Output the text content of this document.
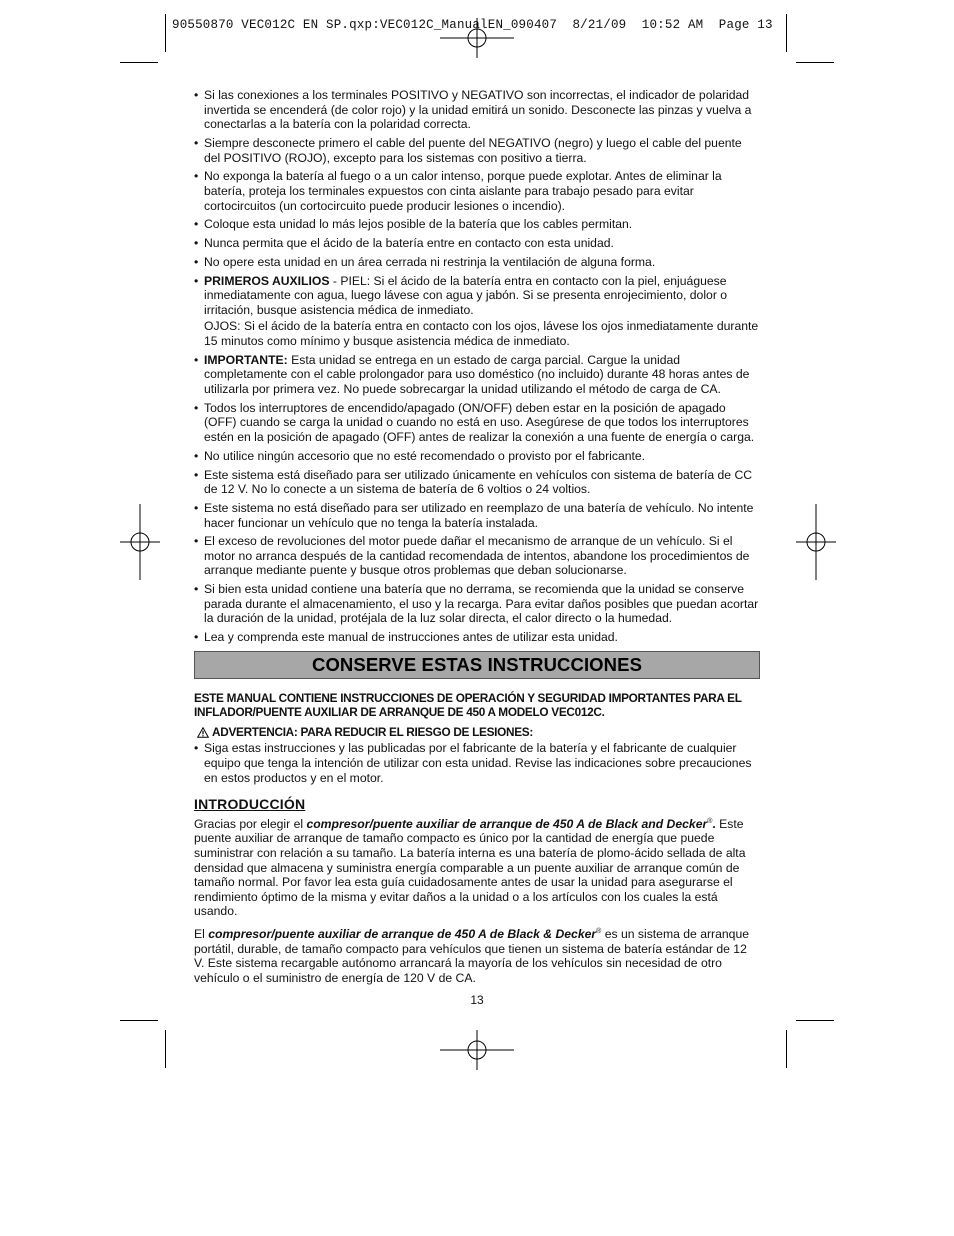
90550870 VEC012C EN SP.qxp:VEC012C_ManualEN_090407  8/21/09  10:52 AM  Page 13
• Si las conexiones a los terminales POSITIVO y NEGATIVO son incorrectas, el indicador de polaridad invertida se encenderá (de color rojo) y la unidad emitirá un sonido. Desconecte las pinzas y vuelva a conectarlas a la batería con la polaridad correcta.
• Siempre desconecte primero el cable del puente del NEGATIVO (negro) y luego el cable del puente del POSITIVO (ROJO), excepto para los sistemas con positivo a tierra.
• No exponga la batería al fuego o a un calor intenso, porque puede explotar. Antes de eliminar la batería, proteja los terminales expuestos con cinta aislante para trabajo pesado para evitar cortocircuitos (un cortocircuito puede producir lesiones o incendio).
• Coloque esta unidad lo más lejos posible de la batería que los cables permitan.
• Nunca permita que el ácido de la batería entre en contacto con esta unidad.
• No opere esta unidad en un área cerrada ni restrinja la ventilación de alguna forma.
• PRIMEROS AUXILIOS - PIEL: Si el ácido de la batería entra en contacto con la piel, enjuáguese inmediatamente con agua, luego lávese con agua y jabón. Si se presenta enrojecimiento, dolor o irritación, busque asistencia médica de inmediato.

OJOS: Si el ácido de la batería entra en contacto con los ojos, lávese los ojos inmediatamente durante 15 minutos como mínimo y busque asistencia médica de inmediato.

• IMPORTANTE: Esta unidad se entrega en un estado de carga parcial. Cargue la unidad completamente con el cable prolongador para uso doméstico (no incluido) durante 48 horas antes de utilizarla por primera vez. No puede sobrecargar la unidad utilizando el método de carga de CA.
• Todos los interruptores de encendido/apagado (ON/OFF) deben estar en la posición de apagado (OFF) cuando se carga la unidad o cuando no está en uso. Asegúrese de que todos los interruptores estén en la posición de apagado (OFF) antes de realizar la conexión a una fuente de energía o carga.
• No utilice ningún accesorio que no esté recomendado o provisto por el fabricante.
• Este sistema está diseñado para ser utilizado únicamente en vehículos con sistema de batería de CC de 12 V. No lo conecte a un sistema de batería de 6 voltios o 24 voltios.
• Este sistema no está diseñado para ser utilizado en reemplazo de una batería de vehículo. No intente hacer funcionar un vehículo que no tenga la batería instalada.
• El exceso de revoluciones del motor puede dañar el mecanismo de arranque de un vehículo. Si el motor no arranca después de la cantidad recomendada de intentos, abandone los procedimientos de arranque mediante puente y busque otros problemas que deban solucionarse.
• Si bien esta unidad contiene una batería que no derrama, se recomienda que la unidad se conserve parada durante el almacenamiento, el uso y la recarga. Para evitar daños posibles que puedan acortar la duración de la unidad, protéjala de la luz solar directa, el calor directo o la humedad.
• Lea y comprenda este manual de instrucciones antes de utilizar esta unidad.
CONSERVE ESTAS INSTRUCCIONES
ESTE MANUAL CONTIENE INSTRUCCIONES DE OPERACIÓN Y SEGURIDAD IMPORTANTES PARA EL INFLADOR/PUENTE AUXILIAR DE ARRANQUE DE 450 A MODELO VEC012C.
ADVERTENCIA: PARA REDUCIR EL RIESGO DE LESIONES:
• Siga estas instrucciones y las publicadas por el fabricante de la batería y el fabricante de cualquier equipo que tenga la intención de utilizar con esta unidad. Revise las indicaciones sobre precauciones en estos productos y en el motor.
INTRODUCCIÓN

Gracias por elegir el compresor/puente auxiliar de arranque de 450 A de Black and Decker®. Este puente auxiliar de arranque de tamaño compacto es único por la cantidad de energía que puede suministrar con relación a su tamaño. La batería interna es una batería de plomo-ácido sellada de alta densidad que almacena y suministra energía comparable a un puente auxiliar de arranque común de tamaño normal. Por favor lea esta guía cuidadosamente antes de usar la unidad para asegurarse el rendimiento óptimo de la misma y evitar daños a la unidad o a los artículos con los cuales la está usando.

El compresor/puente auxiliar de arranque de 450 A de Black & Decker® es un sistema de arranque portátil, durable, de tamaño compacto para vehículos que tienen un sistema de batería estándar de 12 V. Este sistema recargable autónomo arrancará la mayoría de los vehículos sin necesidad de otro vehículo o el suministro de energía de 120 V de CA.

13
